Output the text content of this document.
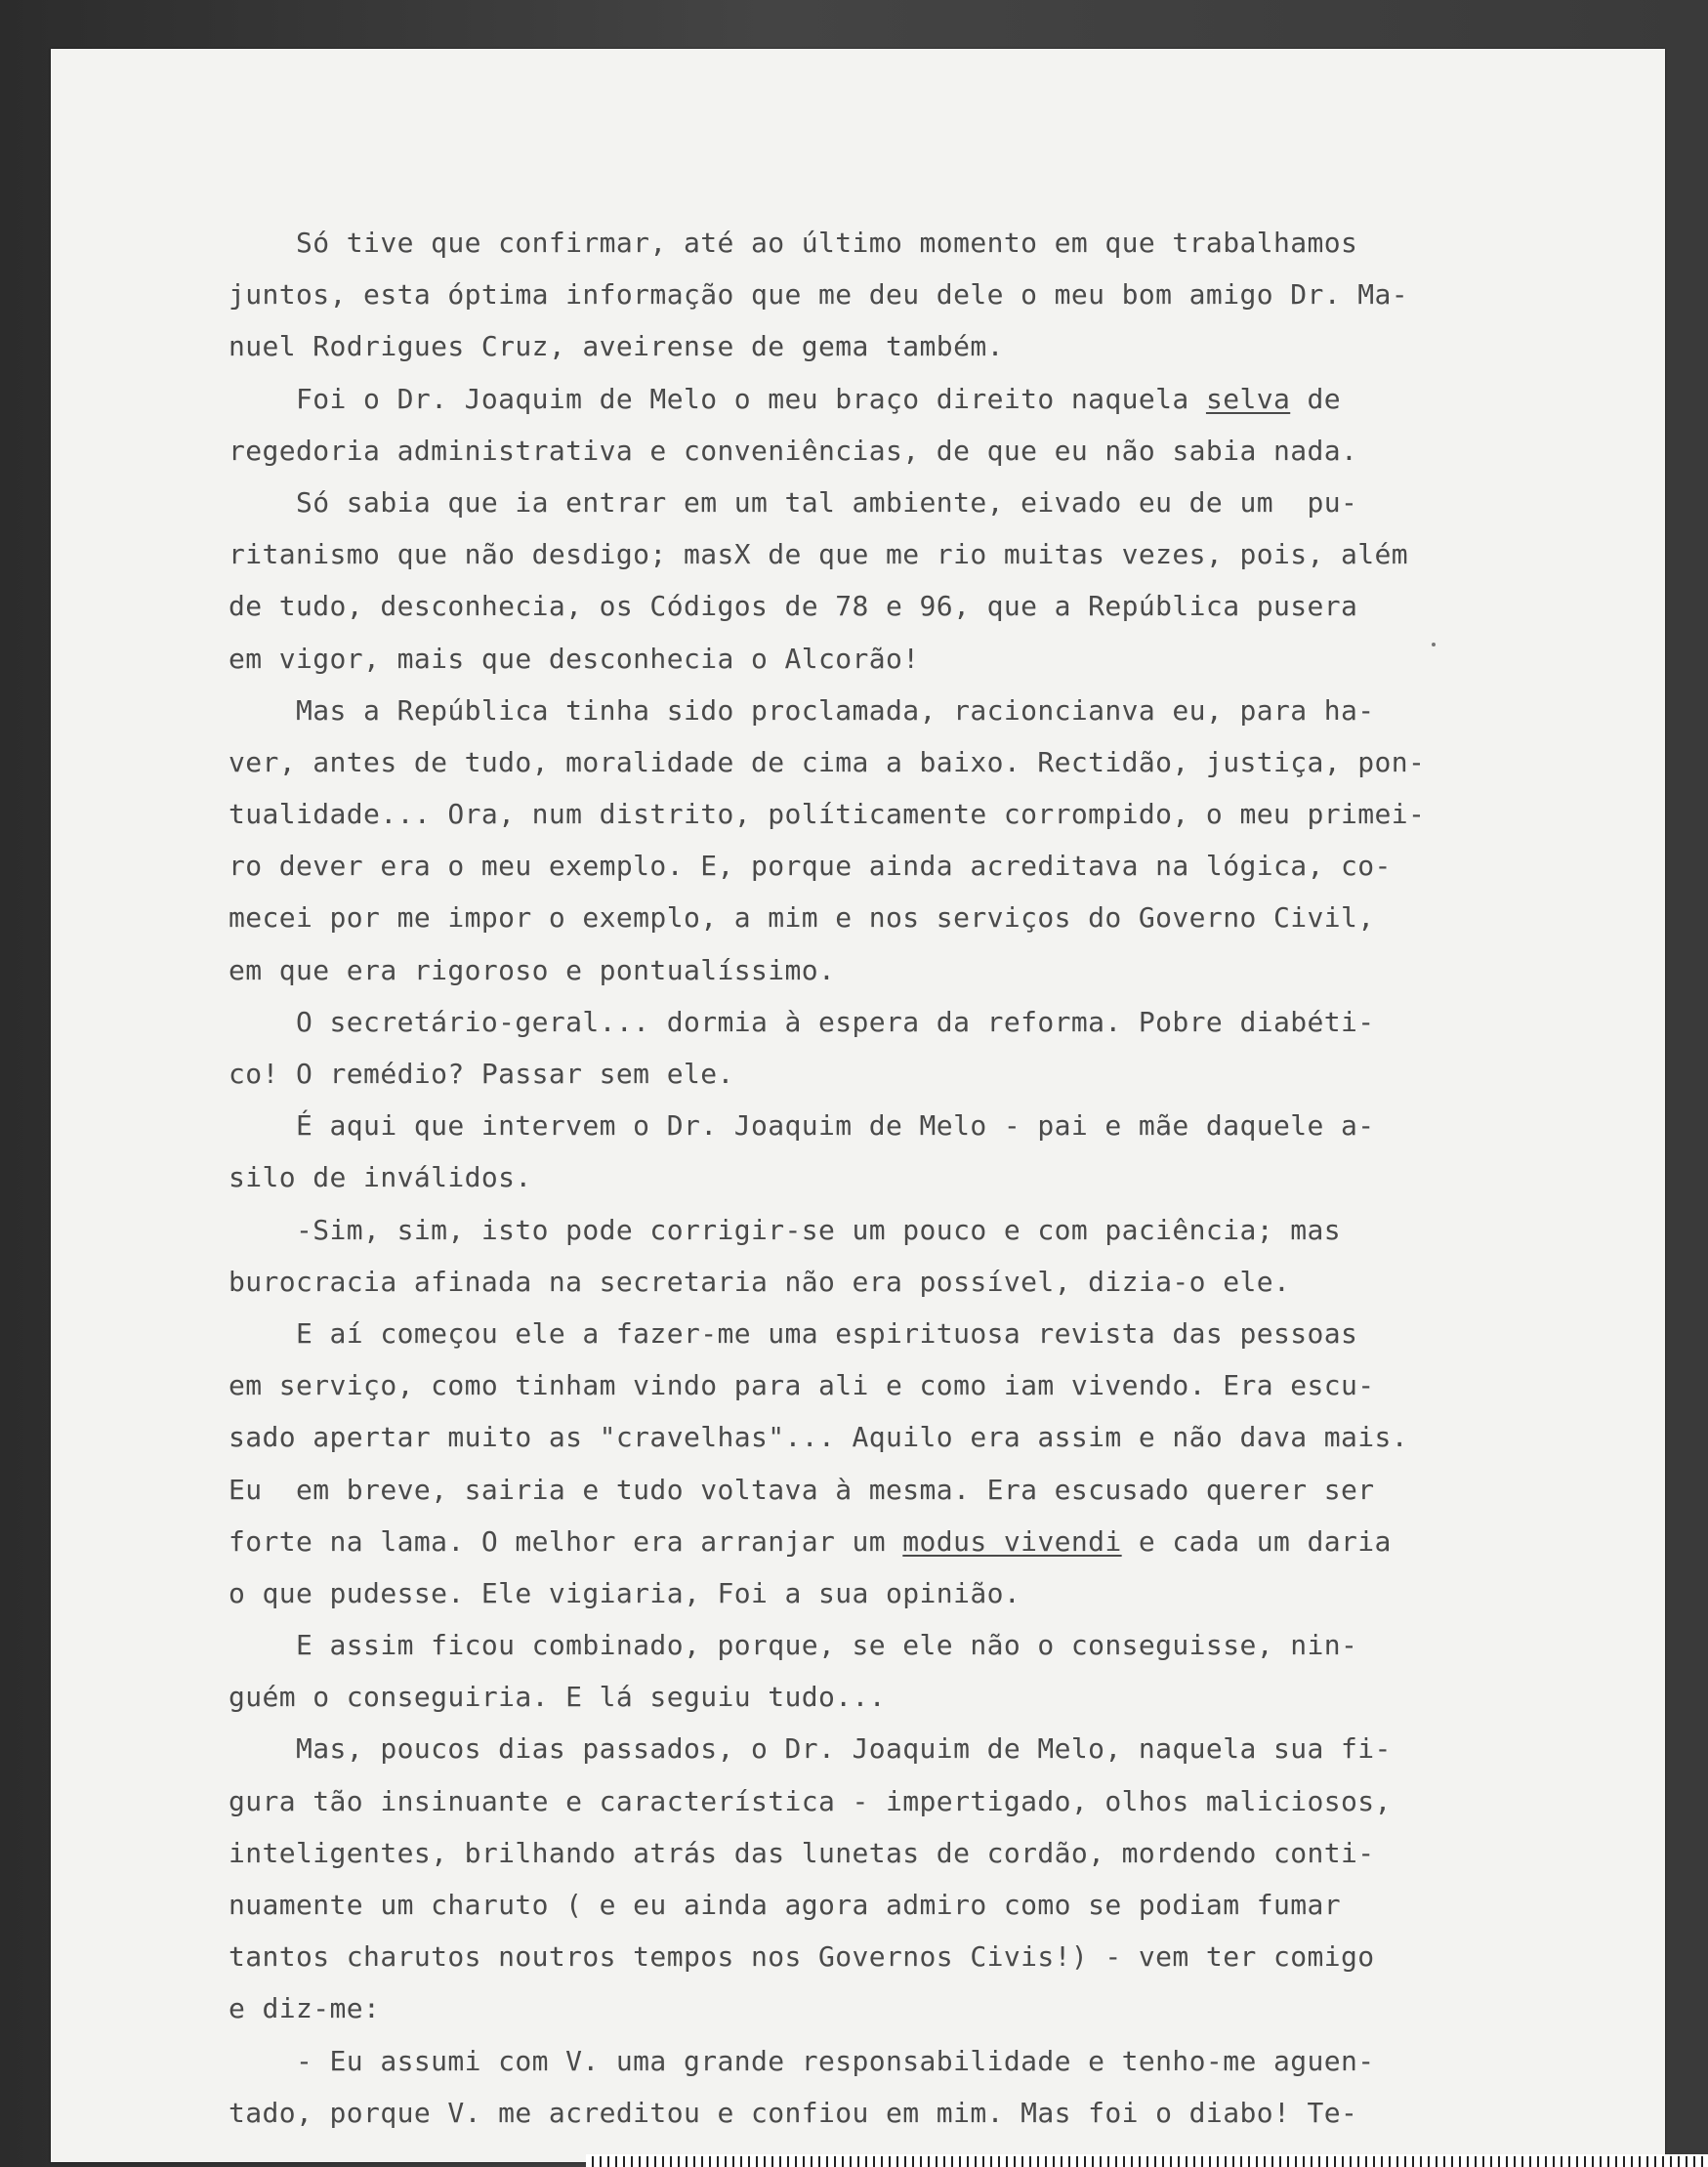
Só tive que confirmar, até ao último momento em que trabalhamos
juntos, esta óptima informação que me deu dele o meu bom amigo Dr. Ma-
nuel Rodrigues Cruz, aveirense de gema também.
Foi o Dr. Joaquim de Melo o meu braço direito naquela selva de
regedoria administrativa e conveniências, de que eu não sabia nada.
Só sabia que ia entrar em um tal ambiente, eivado eu de um  pu-
ritanismo que não desdigo; masX de que me rio muitas vezes, pois, além
de tudo, desconhecia, os Códigos de 78 e 96, que a República pusera
em vigor, mais que desconhecia o Alcorão!
Mas a República tinha sido proclamada, racioncianva eu, para ha-
ver, antes de tudo, moralidade de cima a baixo. Rectidão, justiça, pon-
tualidade... Ora, num distrito, políticamente corrompido, o meu primei-
ro dever era o meu exemplo. E, porque ainda acreditava na lógica, co-
mecei por me impor o exemplo, a mim e nos serviços do Governo Civil,
em que era rigoroso e pontualíssimo.
O secretário-geral... dormia à espera da reforma. Pobre diabéti-
co! O remédio? Passar sem ele.
É aqui que intervem o Dr. Joaquim de Melo - pai e mãe daquele a-
silo de inválidos.
-Sim, sim, isto pode corrigir-se um pouco e com paciência; mas
burocracia afinada na secretaria não era possível, dizia-o ele.
E aí começou ele a fazer-me uma espirituosa revista das pessoas
em serviço, como tinham vindo para ali e como iam vivendo. Era escu-
sado apertar muito as "cravelhas"... Aquilo era assim e não dava mais.
Eu  em breve, sairia e tudo voltava à mesma. Era escusado querer ser
forte na lama. O melhor era arranjar um modus vivendi e cada um daria
o que pudesse. Ele vigiaria, Foi a sua opinião.
E assim ficou combinado, porque, se ele não o conseguisse, nin-
guém o conseguiria. E lá seguiu tudo...
Mas, poucos dias passados, o Dr. Joaquim de Melo, naquela sua fi-
gura tão insinuante e característica - impertigado, olhos maliciosos,
inteligentes, brilhando atrás das lunetas de cordão, mordendo conti-
nuamente um charuto ( e eu ainda agora admiro como se podiam fumar
tantos charutos noutros tempos nos Governos Civis!) - vem ter comigo
e diz-me:
- Eu assumi com V. uma grande responsabilidade e tenho-me aguen-
tado, porque V. me acreditou e confiou em mim. Mas foi o diabo! Te-
